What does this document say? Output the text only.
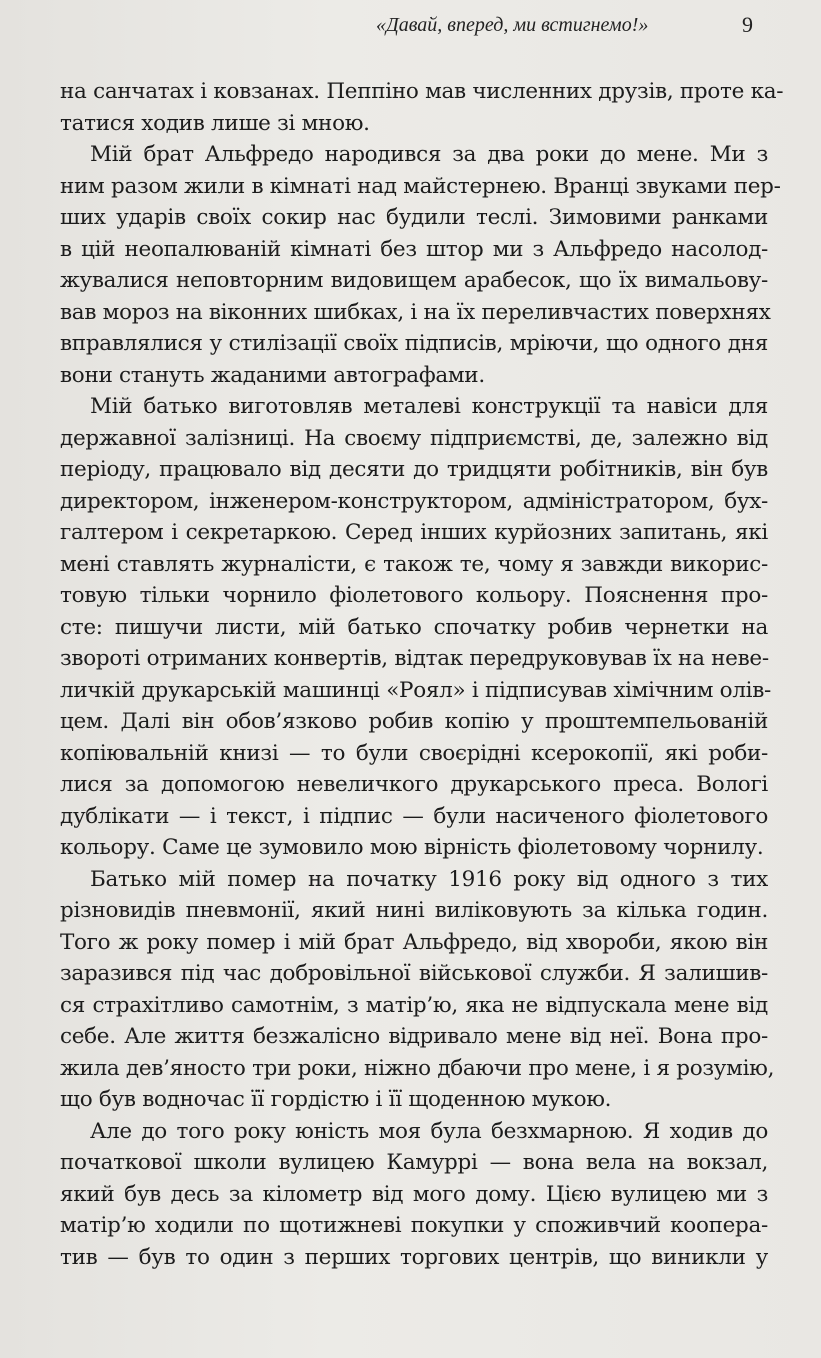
«Давай, вперед, ми встигнемо!»	9
на санчатах і ковзанах. Пеппіно мав численних друзів, проте ка-
татися ходив лише зі мною.
Мій брат Альфредо народився за два роки до мене. Ми з
ним разом жили в кімнаті над майстернею. Вранці звуками пер-
ших ударів своїх сокир нас будили теслі. Зимовими ранками
в цій неопалюваній кімнаті без штор ми з Альфредо насолод-
жувалися неповторним видовищем арабесок, що їх вимальову-
вав мороз на віконних шибках, і на їх переливчастих поверхнях
вправлялися у стилізації своїх підписів, мріючи, що одного дня
вони стануть жаданими автографами.
Мій батько виготовляв металеві конструкції та навіси для
державної залізниці. На своєму підприємстві, де, залежно від
періоду, працювало від десяти до тридцяти робітників, він був
директором, інженером-конструктором, адміністратором, бух-
галтером і секретаркою. Серед інших курйозних запитань, які
мені ставлять журналісти, є також те, чому я завжди викорис-
товую тільки чорнило фіолетового кольору. Пояснення про-
сте: пишучи листи, мій батько спочатку робив чернетки на
звороті отриманих конвертів, відтак передруковував їх на неве-
личкій друкарській машинці «Роял» і підписував хімічним олів-
цем. Далі він обов’язково робив копію у проштемпельованій
копіювальній книзі — то були своєрідні ксерокопії, які роби-
лися за допомогою невеличкого друкарського преса. Вологі
дублікати — і текст, і підпис — були насиченого фіолетового
кольору. Саме це зумовило мою вірність фіолетовому чорнилу.
Батько мій помер на початку 1916 року від одного з тих
різновидів пневмонії, який нині виліковують за кілька годин.
Того ж року помер і мій брат Альфредо, від хвороби, якою він
заразився під час добровільної військової служби. Я залишив-
ся страхітливо самотнім, з матір’ю, яка не відпускала мене від
себе. Але життя безжалісно відривало мене від неї. Вона про-
жила дев’яносто три роки, ніжно дбаючи про мене, і я розумію,
що був водночас її гордістю і її щоденною мукою.
Але до того року юність моя була безхмарною. Я ходив до
початкової школи вулицею Камуррі — вона вела на вокзал,
який був десь за кілометр від мого дому. Цією вулицею ми з
матір’ю ходили по щотижневі покупки у споживчий коопера-
тив — був то один з перших торгових центрів, що виникли у
